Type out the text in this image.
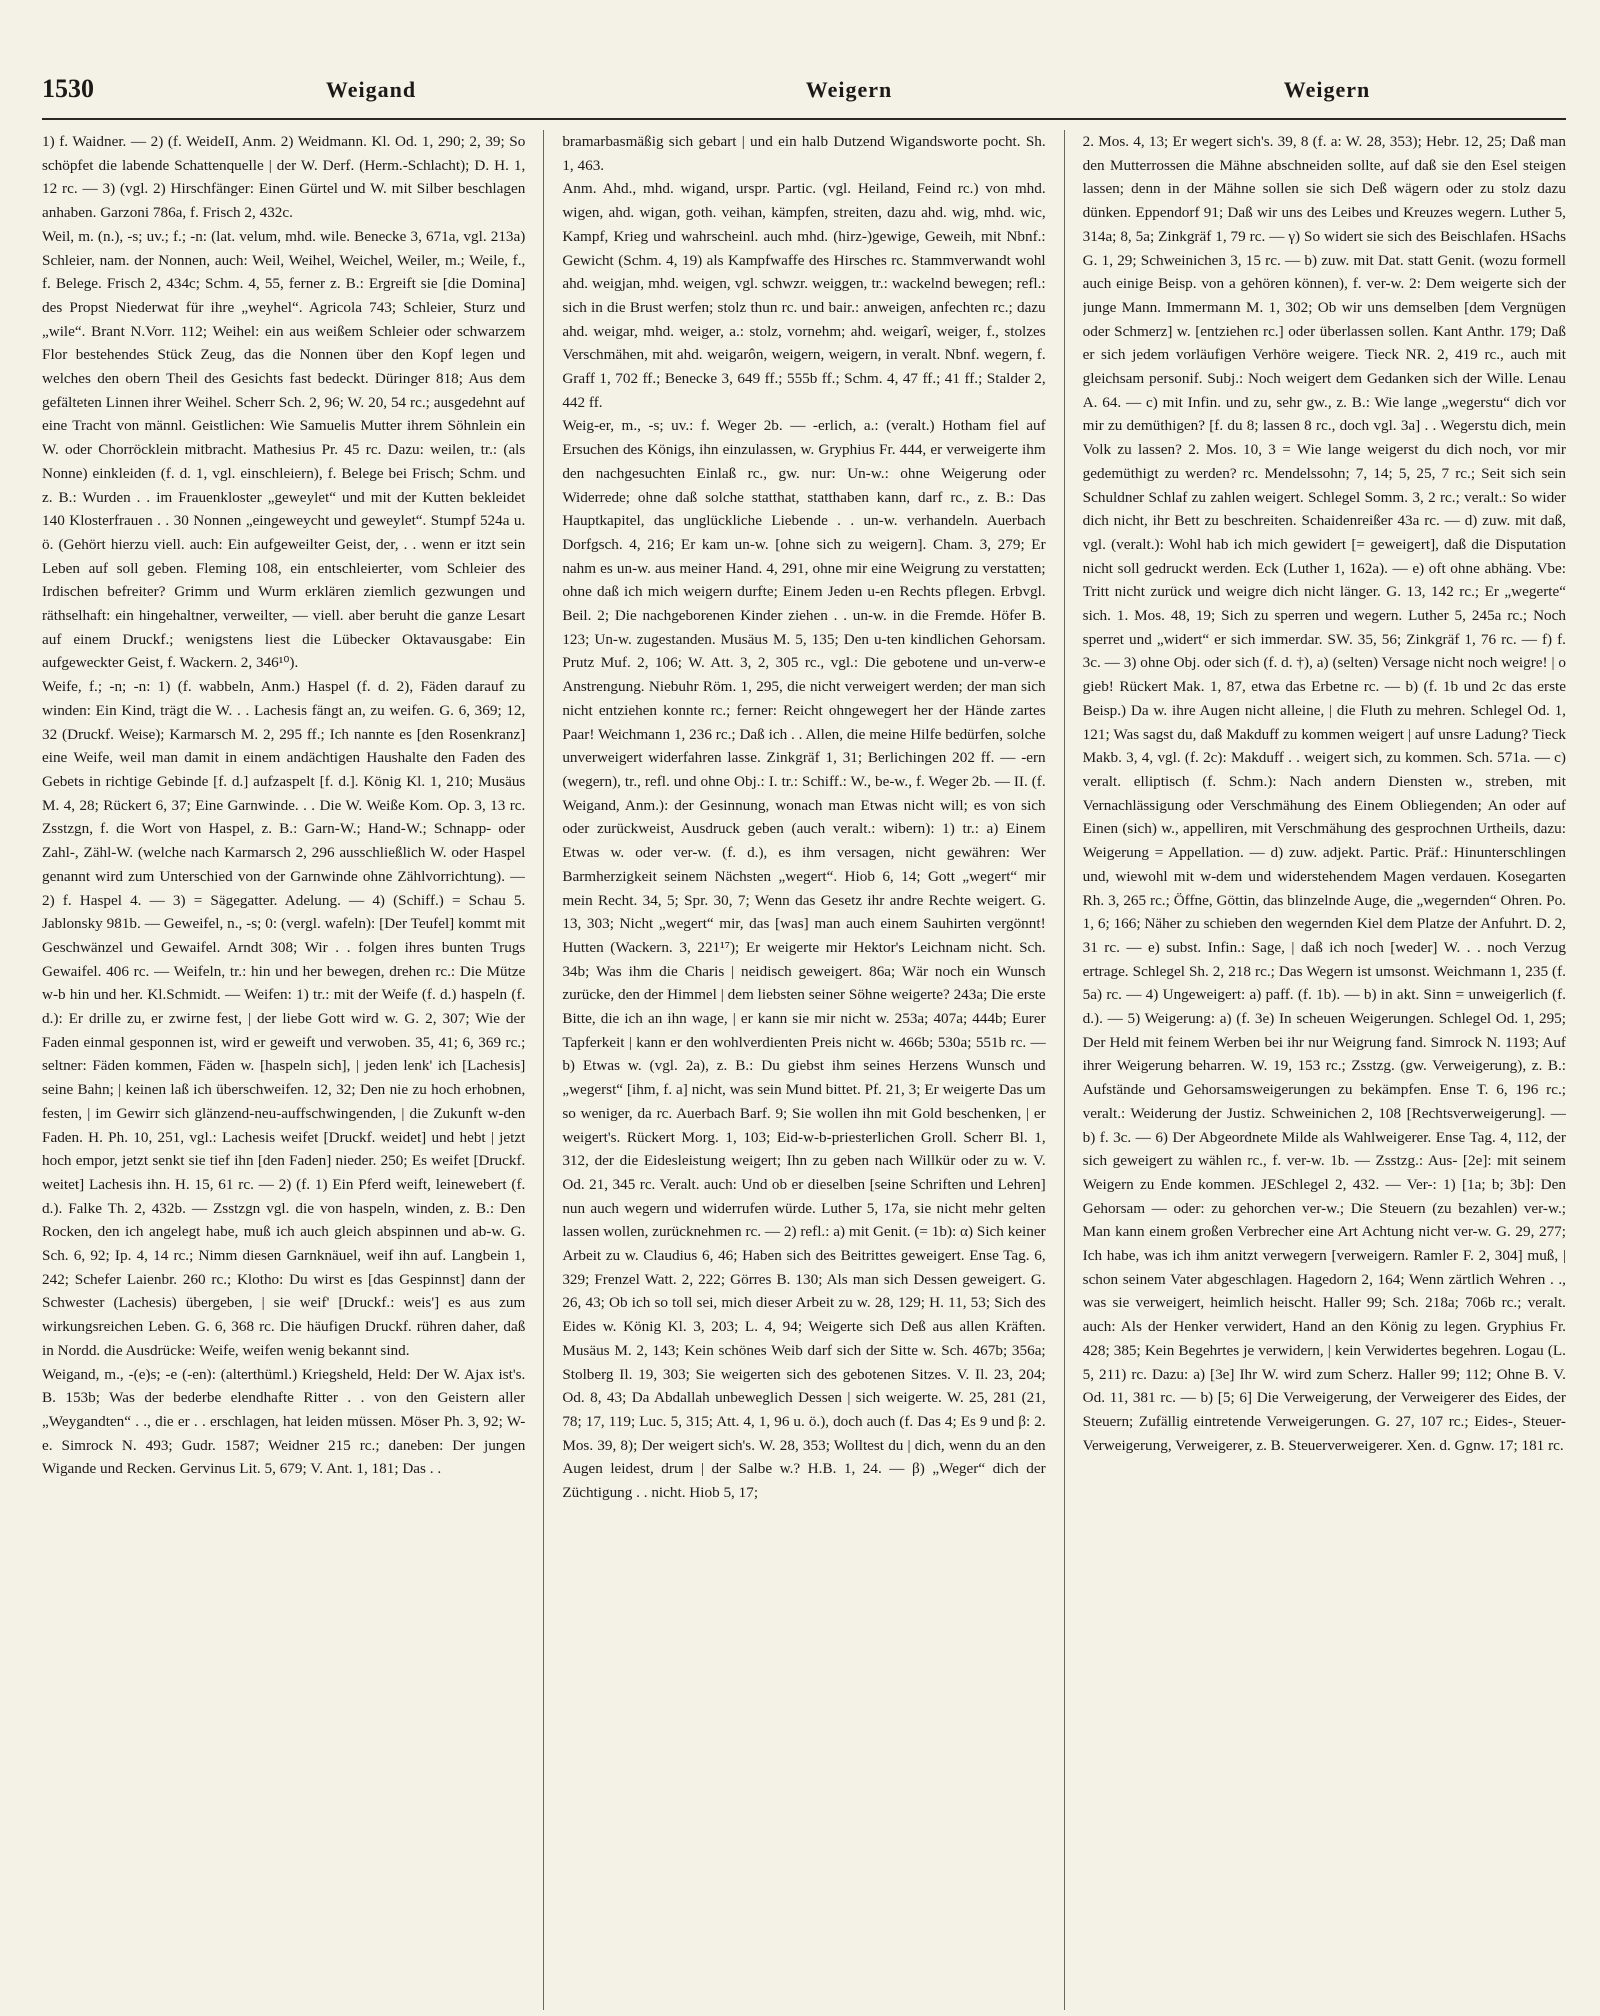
1530	Weigand	Weigern	Weigern

1) f. Waidner. — 2) (f. WeideII, Anm. 2) Weidmann. Kl. Od. 1, 290; 2, 39; So schöpfet die labende Schattenquelle | der W. Derf. (Herm.-Schlacht); D. H. 1, 12 rc. — 3) (vgl. 2) Hirschfänger: Einen Gürtel und W. mit Silber beschlagen anhaben. Garzoni 786a, f. Frisch 2, 432c.

Weil, m. (n.), -s; uv.; f.; -n: (lat. velum, mhd. wile. Benecke 3, 671a, vgl. 213a) Schleier, nam. der Nonnen, auch: Weil, Weihel, Weichel, Weiler, m.; Weile, f., f. Belege. Frisch 2, 434c; Schm. 4, 55, ferner z. B.: Ergreift sie [die Domina] des Propst Niederwat für ihre „weyhel“. Agricola 743; Schleier, Sturz und „wile“. Brant N.Vorr. 112; Weihel: ein aus weißem Schleier oder schwarzem Flor bestehendes Stück Zeug, das die Nonnen über den Kopf legen und welches den obern Theil des Gesichts fast bedeckt. Düringer 818; Aus dem gefälteten Linnen ihrer Weihel. Scherr Sch. 2, 96; W. 20, 54 rc.; ausgedehnt auf eine Tracht von männl. Geistlichen: Wie Samuelis Mutter ihrem Söhnlein ein W. oder Chorröcklein mitbracht. Mathesius Pr. 45 rc. Dazu: weilen, tr.: (als Nonne) einkleiden (f. d. 1, vgl. einschleiern), f. Belege bei Frisch; Schm. und z. B.: Wurden . . im Frauenkloster „geweylet“ und mit der Kutten bekleidet 140 Klosterfrauen . . 30 Nonnen „eingeweycht und geweylet“. Stumpf 524a u. ö. (Gehört hierzu viell. auch: Ein aufgeweilter Geist, der, . . wenn er itzt sein Leben auf soll geben. Fleming 108, ein entschleierter, vom Schleier des Irdischen befreiter? Grimm und Wurm erklären ziemlich gezwungen und räthselhaft: ein hingehaltner, verweilter, — viell. aber beruht die ganze Lesart auf einem Druckf.; wenigstens liest die Lübecker Oktavausgabe: Ein aufgeweckter Geist, f. Wackern. 2, 346¹⁰).

Weife, f.; -n; -n: 1) (f. wabbeln, Anm.) Haspel (f. d. 2), Fäden darauf zu winden: Ein Kind, trägt die W. . . Lachesis fängt an, zu weifen. G. 6, 369; 12, 32 (Druckf. Weise); Karmarsch M. 2, 295 ff.; Ich nannte es [den Rosenkranz] eine Weife, weil man damit in einem andächtigen Haushalte den Faden des Gebets in richtige Gebinde [f. d.] aufzaspelt [f. d.]. König Kl. 1, 210; Musäus M. 4, 28; Rückert 6, 37; Eine Garnwinde. . . Die W. Weiße Kom. Op. 3, 13 rc. Zsstzgn, f. die Wort von Haspel, z. B.: Garn-W.; Hand-W.; Schnapp- oder Zahl-, Zähl-W. (welche nach Karmarsch 2, 296 ausschließlich W. oder Haspel genannt wird zum Unterschied von der Garnwinde ohne Zählvorrichtung). — 2) f. Haspel 4. — 3) = Sägegatter. Adelung. — 4) (Schiff.) = Schau 5. Jablonsky 981b. — Geweifel, n., -s; 0: (vergl. wafeln): [Der Teufel] kommt mit Geschwänzel und Gewaifel. Arndt 308; Wir . . folgen ihres bunten Trugs Gewaifel. 406 rc. — Weifeln, tr.: hin und her bewegen, drehen rc.: Die Mütze w-b hin und her. Kl.Schmidt. — Weifen: 1) tr.: mit der Weife (f. d.) haspeln (f. d.): Er drille zu, er zwirne fest, | der liebe Gott wird w. G. 2, 307; Wie der Faden einmal gesponnen ist, wird er geweift und verwoben. 35, 41; 6, 369 rc.; seltner: Fäden kommen, Fäden w. [haspeln sich], | jeden lenk' ich [Lachesis] seine Bahn; | keinen laß ich überschweifen. 12, 32; Den nie zu hoch erhobnen, festen, | im Gewirr sich glänzend-neu-auffschwingenden, | die Zukunft w-den Faden. H. Ph. 10, 251, vgl.: Lachesis weifet [Druckf. weidet] und hebt | jetzt hoch empor, jetzt senkt sie tief ihn [den Faden] nieder. 250; Es weifet [Druckf. weitet] Lachesis ihn. H. 15, 61 rc. — 2) (f. 1) Ein Pferd weift, leinewebert (f. d.). Falke Th. 2, 432b. — Zsstzgn vgl. die von haspeln, winden, z. B.: Den Rocken, den ich angelegt habe, muß ich auch gleich abspinnen und ab-w. G. Sch. 6, 92; Ip. 4, 14 rc.; Nimm diesen Garnknäuel, weif ihn auf. Langbein 1, 242; Schefer Laienbr. 260 rc.; Klotho: Du wirst es [das Gespinnst] dann der Schwester (Lachesis) übergeben, | sie weif' [Druckf.: weis'] es aus zum wirkungsreichen Leben. G. 6, 368 rc. Die häufigen Druckf. rühren daher, daß in Nordd. die Ausdrücke: Weife, weifen wenig bekannt sind.

Weigand, m., -(e)s; -e (-en): (alterthüml.) Kriegsheld, Held: Der W. Ajax ist's. B. 153b; Was der bederbe elendhafte Ritter . . von den Geistern aller „Weygandten“ . ., die er . . erschlagen, hat leiden müssen. Möser Ph. 3, 92; W-e. Simrock N. 493; Gudr. 1587; Weidner 215 rc.; daneben: Der jungen Wigande und Recken. Gervinus Lit. 5, 679; V. Ant. 1, 181; Das . .

bramarbasmäßig sich gebart | und ein halb Dutzend Wigandsworte pocht. Sh. 1, 463.

Anm. Ahd., mhd. wigand, urspr. Partic. (vgl. Heiland, Feind rc.) von mhd. wigen, ahd. wigan, goth. veihan, kämpfen, streiten, dazu ahd. wig, mhd. wic, Kampf, Krieg und wahrscheinl. auch mhd. (hirz-)gewige, Geweih, mit Nbnf.: Gewicht (Schm. 4, 19) als Kampfwaffe des Hirsches rc. Stammverwandt wohl ahd. weigjan, mhd. weigen, vgl. schwzr. weiggen, tr.: wackelnd bewegen; refl.: sich in die Brust werfen; stolz thun rc. und bair.: anweigen, anfechten rc.; dazu ahd. weigar, mhd. weiger, a.: stolz, vornehm; ahd. weigarî, weiger, f., stolzes Verschmähen, mit ahd. weigarôn, weigern, weigern, in veralt. Nbnf. wegern, f. Graff 1, 702 ff.; Benecke 3, 649 ff.; 555b ff.; Schm. 4, 47 ff.; 41 ff.; Stalder 2, 442 ff.

Weig-er, m., -s; uv.: f. Weger 2b. — -erlich, a.: (veralt.) Hotham fiel auf Ersuchen des Königs, ihn einzulassen, w. Gryphius Fr. 444, er verweigerte ihm den nachgesuchten Einlaß rc., gw. nur: Un-w.: ohne Weigerung oder Widerrede; ohne daß solche statthat, statthaben kann, darf rc., z. B.: Das Hauptkapitel, das unglückliche Liebende . . un-w. verhandeln. Auerbach Dorfgsch. 4, 216; Er kam un-w. [ohne sich zu weigern]. Cham. 3, 279; Er nahm es un-w. aus meiner Hand. 4, 291, ohne mir eine Weigrung zu verstatten; ohne daß ich mich weigern durfte; Einem Jeden u-en Rechts pflegen. Erbvgl. Beil. 2; Die nachgeborenen Kinder ziehen . . un-w. in die Fremde. Höfer B. 123; Un-w. zugestanden. Musäus M. 5, 135; Den u-ten kindlichen Gehorsam. Prutz Muf. 2, 106; W. Att. 3, 2, 305 rc., vgl.: Die gebotene und un-verw-e Anstrengung. Niebuhr Röm. 1, 295, die nicht verweigert werden; der man sich nicht entziehen konnte rc.; ferner: Reicht ohngewegert her der Hände zartes Paar! Weichmann 1, 236 rc.; Daß ich . . Allen, die meine Hilfe bedürfen, solche unverweigert widerfahren lasse. Zinkgräf 1, 31; Berlichingen 202 ff. — -ern (wegern), tr., refl. und ohne Obj.: I. tr.: Schiff.: W., be-w., f. Weger 2b. — II. (f. Weigand, Anm.): der Gesinnung, wonach man Etwas nicht will; es von sich oder zurückweist, Ausdruck geben (auch veralt.: wibern): 1) tr.: a) Einem Etwas w. oder ver-w. (f. d.), es ihm versagen, nicht gewähren: Wer Barmherzigkeit seinem Nächsten „wegert“. Hiob 6, 14; Gott „wegert“ mir mein Recht. 34, 5; Spr. 30, 7; Wenn das Gesetz ihr andre Rechte weigert. G. 13, 303; Nicht „wegert“ mir, das [was] man auch einem Sauhirten vergönnt! Hutten (Wackern. 3, 221¹⁷); Er weigerte mir Hektor's Leichnam nicht. Sch. 34b; Was ihm die Charis | neidisch geweigert. 86a; Wär noch ein Wunsch zurücke, den der Himmel | dem liebsten seiner Söhne weigerte? 243a; Die erste Bitte, die ich an ihn wage, | er kann sie mir nicht w. 253a; 407a; 444b; Eurer Tapferkeit | kann er den wohlverdienten Preis nicht w. 466b; 530a; 551b rc. — b) Etwas w. (vgl. 2a), z. B.: Du giebst ihm seines Herzens Wunsch und „wegerst“ [ihm, f. a] nicht, was sein Mund bittet. Pf. 21, 3; Er weigerte Das um so weniger, da rc. Auerbach Barf. 9; Sie wollen ihn mit Gold beschenken, | er weigert's. Rückert Morg. 1, 103; Eid-w-b-priesterlichen Groll. Scherr Bl. 1, 312, der die Eidesleistung weigert; Ihn zu geben nach Willkür oder zu w. V. Od. 21, 345 rc. Veralt. auch: Und ob er dieselben [seine Schriften und Lehren] nun auch wegern und widerrufen würde. Luther 5, 17a, sie nicht mehr gelten lassen wollen, zurücknehmen rc. — 2) refl.: a) mit Genit. (= 1b): α) Sich keiner Arbeit zu w. Claudius 6, 46; Haben sich des Beitrittes geweigert. Ense Tag. 6, 329; Frenzel Watt. 2, 222; Görres B. 130; Als man sich Dessen geweigert. G. 26, 43; Ob ich so toll sei, mich dieser Arbeit zu w. 28, 129; H. 11, 53; Sich des Eides w. König Kl. 3, 203; L. 4, 94; Weigerte sich Deß aus allen Kräften. Musäus M. 2, 143; Kein schönes Weib darf sich der Sitte w. Sch. 467b; 356a; Stolberg Il. 19, 303; Sie weigerten sich des gebotenen Sitzes. V. Il. 23, 204; Od. 8, 43; Da Abdallah unbeweglich Dessen | sich weigerte. W. 25, 281 (21, 78; 17, 119; Luc. 5, 315; Att. 4, 1, 96 u. ö.), doch auch (f. Das 4; Es 9 und β: 2. Mos. 39, 8); Der weigert sich's. W. 28, 353; Wolltest du | dich, wenn du an den Augen leidest, drum | der Salbe w.? H.B. 1, 24. — β) „Weger“ dich der Züchtigung . . nicht. Hiob 5, 17;

2. Mos. 4, 13; Er wegert sich's. 39, 8 (f. a: W. 28, 353); Hebr. 12, 25; Daß man den Mutterrossen die Mähne abschneiden sollte, auf daß sie den Esel steigen lassen; denn in der Mähne sollen sie sich Deß wägern oder zu stolz dazu dünken. Eppendorf 91; Daß wir uns des Leibes und Kreuzes wegern. Luther 5, 314a; 8, 5a; Zinkgräf 1, 79 rc. — γ) So widert sie sich des Beischlafen. HSachs G. 1, 29; Schweinichen 3, 15 rc. — b) zuw. mit Dat. statt Genit. (wozu formell auch einige Beisp. von a gehören können), f. ver-w. 2: Dem weigerte sich der junge Mann. Immermann M. 1, 302; Ob wir uns demselben [dem Vergnügen oder Schmerz] w. [entziehen rc.] oder überlassen sollen. Kant Anthr. 179; Daß er sich jedem vorläufigen Verhöre weigere. Tieck NR. 2, 419 rc., auch mit gleichsam personif. Subj.: Noch weigert dem Gedanken sich der Wille. Lenau A. 64. — c) mit Infin. und zu, sehr gw., z. B.: Wie lange „wegerstu“ dich vor mir zu demüthigen? [f. du 8; lassen 8 rc., doch vgl. 3a] . . Wegerstu dich, mein Volk zu lassen? 2. Mos. 10, 3 = Wie lange weigerst du dich noch, vor mir gedemüthigt zu werden? rc. Mendelssohn; 7, 14; 5, 25, 7 rc.; Seit sich sein Schuldner Schlaf zu zahlen weigert. Schlegel Somm. 3, 2 rc.; veralt.: So wider dich nicht, ihr Bett zu beschreiten. Schaidenreißer 43a rc. — d) zuw. mit daß, vgl. (veralt.): Wohl hab ich mich gewidert [= geweigert], daß die Disputation nicht soll gedruckt werden. Eck (Luther 1, 162a). — e) oft ohne abhäng. Vbe: Tritt nicht zurück und weigre dich nicht länger. G. 13, 142 rc.; Er „wegerte“ sich. 1. Mos. 48, 19; Sich zu sperren und wegern. Luther 5, 245a rc.; Noch sperret und „widert“ er sich immerdar. SW. 35, 56; Zinkgräf 1, 76 rc. — f) f. 3c. — 3) ohne Obj. oder sich (f. d. †), a) (selten) Versage nicht noch weigre! | o gieb! Rückert Mak. 1, 87, etwa das Erbetne rc. — b) (f. 1b und 2c das erste Beisp.) Da w. ihre Augen nicht alleine, | die Fluth zu mehren. Schlegel Od. 1, 121; Was sagst du, daß Makduff zu kommen weigert | auf unsre Ladung? Tieck Makb. 3, 4, vgl. (f. 2c): Makduff . . weigert sich, zu kommen. Sch. 571a. — c) veralt. elliptisch (f. Schm.): Nach andern Diensten w., streben, mit Vernachlässigung oder Verschmähung des Einem Obliegenden; An oder auf Einen (sich) w., appelliren, mit Verschmähung des gesprochnen Urtheils, dazu: Weigerung = Appellation. — d) zuw. adjekt. Partic. Präf.: Hinunterschlingen und, wiewohl mit w-dem und widerstehendem Magen verdauen. Kosegarten Rh. 3, 265 rc.; Öffne, Göttin, das blinzelnde Auge, die „wegernden“ Ohren. Po. 1, 6; 166; Näher zu schieben den wegernden Kiel dem Platze der Anfuhrt. D. 2, 31 rc. — e) subst. Infin.: Sage, | daß ich noch [weder] W. . . noch Verzug ertrage. Schlegel Sh. 2, 218 rc.; Das Wegern ist umsonst. Weichmann 1, 235 (f. 5a) rc. — 4) Ungeweigert: a) paff. (f. 1b). — b) in akt. Sinn = unweigerlich (f. d.). — 5) Weigerung: a) (f. 3e) In scheuen Weigerungen. Schlegel Od. 1, 295; Der Held mit feinem Werben bei ihr nur Weigrung fand. Simrock N. 1193; Auf ihrer Weigerung beharren. W. 19, 153 rc.; Zsstzg. (gw. Verweigerung), z. B.: Aufstände und Gehorsamsweigerungen zu bekämpfen. Ense T. 6, 196 rc.; veralt.: Weiderung der Justiz. Schweinichen 2, 108 [Rechtsverweigerung]. — b) f. 3c. — 6) Der Abgeordnete Milde als Wahlweigerer. Ense Tag. 4, 112, der sich geweigert zu wählen rc., f. ver-w. 1b. — Zsstzg.: Aus- [2e]: mit seinem Weigern zu Ende kommen. JESchlegel 2, 432. — Ver-: 1) [1a; b; 3b]: Den Gehorsam — oder: zu gehorchen ver-w.; Die Steuern (zu bezahlen) ver-w.; Man kann einem großen Verbrecher eine Art Achtung nicht ver-w. G. 29, 277; Ich habe, was ich ihm anitzt verwegern [verweigern. Ramler F. 2, 304] muß, | schon seinem Vater abgeschlagen. Hagedorn 2, 164; Wenn zärtlich Wehren . ., was sie verweigert, heimlich heischt. Haller 99; Sch. 218a; 706b rc.; veralt. auch: Als der Henker verwidert, Hand an den König zu legen. Gryphius Fr. 428; 385; Kein Begehrtes je verwidern, | kein Verwidertes begehren. Logau (L. 5, 211) rc. Dazu: a) [3e] Ihr W. wird zum Scherz. Haller 99; 112; Ohne B. V. Od. 11, 381 rc. — b) [5; 6] Die Verweigerung, der Verweigerer des Eides, der Steuern; Zufällig eintretende Verweigerungen. G. 27, 107 rc.; Eides-, Steuer-Verweigerung, Verweigerer, z. B. Steuerverweigerer. Xen. d. Ggnw. 17; 181 rc.
